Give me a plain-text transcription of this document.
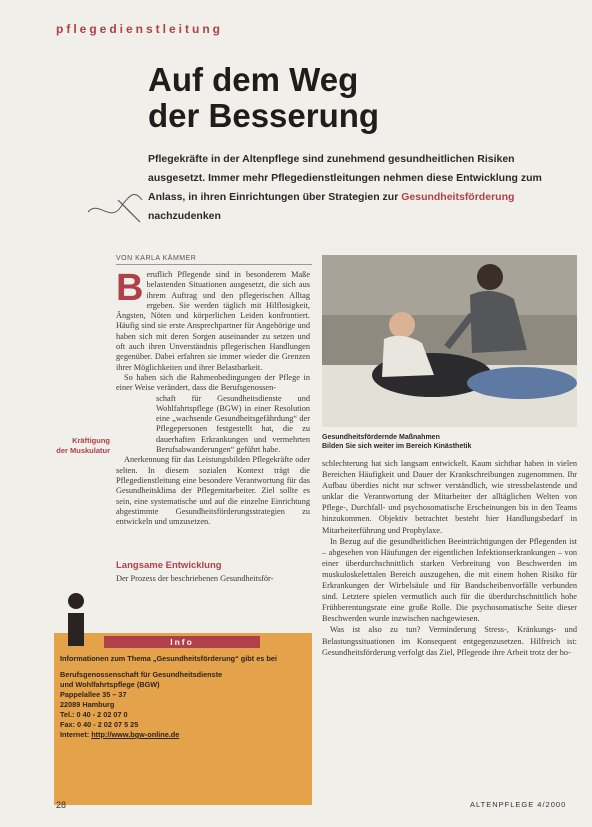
pflegedienstleitung
Auf dem Weg
der Besserung
Pflegekräfte in der Altenpflege sind zunehmend gesundheitlichen Risiken ausgesetzt. Immer mehr Pflegedienstleitungen nehmen diese Entwicklung zum Anlass, in ihren Einrichtungen über Strategien zur Gesundheitsförderung nachzudenken
VON KARLA KÄMMER

Beruflich Pflegende sind in besonderem Maße belastenden Situationen ausgesetzt, die sich aus ihrem Auftrag und den pflegerischen Alltag ergeben. Sie werden täglich mit Hilflosigkeit, Ängsten, Nöten und körperlichen Leiden konfrontiert. Häufig sind sie erste Ansprechpartner für Angehörige und haben sich mit deren Sorgen auseinander zu setzen und oft auch ihren Unverständnis pflegerischen Handlungen gegenüber. Dabei erfahren sie immer wieder die Grenzen ihrer Möglichkeiten und ihrer Belastbarkeit.

So haben sich die Rahmenbedingungen der Pflege in einer Weise verändert, dass die Berufsgenossen-

schaft für Gesundheitsdienste und Wohlfahrtspflege (BGW) in einer Resolution eine „wachsende Gesundheitsgefährdung“ der Pflegepersonen festgestellt hat, die zu dauerhaften Erkrankungen und vermehrten Berufsabwanderungen“ geführt habe.

Anerkennung für das Leistungsbilden Pflegekräfte oder selten. In diesem sozialen Kontext trägt die Pflegedienstleitung eine besondere Verantwortung für das Gesundheitsklima der Pflegemitarbeiter. Ziel sollte es sein, eine systematische und auf die einzelne Einrichtung abgestimmte Gesundheitsförderungsstrategien zu entwickeln und umzusetzen.

Kräftigung
der Muskulatur
Langsame Entwicklung
Der Prozess der beschriebenen Gesundheitsför-
Gesundheitsfördernde Maßnahmen
Bilden Sie sich weiter im Bereich Kinästhetik

schlechterung hat sich langsam entwickelt. Kaum sichtbar haben in vielen Bereichen Häufigkeit und Dauer der Krankschreibungen zugenommen. Ihr Aufbau überdies nicht nur schwer verständlich, wie stressbelastende und unklar die Verantwortung der Mitarbeiter der alltäglichen Welten von Pflege-, Durchfall- und psychosomatische Erscheinungen bis in den Teams hinzukommen. Objektiv betrachtet besteht hier Handlungsbedarf in Mitarbeiterführung und Prophylaxe.

In Bezug auf die gesundheitlichen Beeinträchtigungen der Pflegenden ist – abgesehen von Häufungen der eigentlichen Infektionserkrankungen – von einer überdurchschnittlich starken Verbreitung von Beschwerden im muskuloskelettalen Bereich auszugehen, die mit einem hohen Risiko für Erkrankungen der Wirbelsäule und für Bandscheibenvorfälle verbunden sind. Letztere spielen vermutlich auch für die überdurchschnittlich hohe Frühberentungsrate eine große Rolle. Die psychosomatische Seite dieser Beschwerden wurde inzwischen nachgewiesen.

Was ist also zu tun? Verminderung Stress-, Kränkungs- und Belastungssituationen im Konsequent entgegenzusetzen. Hilfreich ist: Gesundheitsförderung verfolgt das Ziel, Pflegende ihre Arbeit trotz der ho-

Info
Informationen zum Thema „Gesundheitsförderung“ gibt es bei
Berufsgenossenschaft für Gesundheitsdienste
und Wohlfahrtspflege (BGW)
Pappelallee 35 – 37
22089 Hamburg
Tel.: 0 40 - 2 02 07 0
Fax: 0 40 - 2 02 07 5 25
Internet: http://www.bgw-online.de
28	ALTENPFLEGE 4/2000
